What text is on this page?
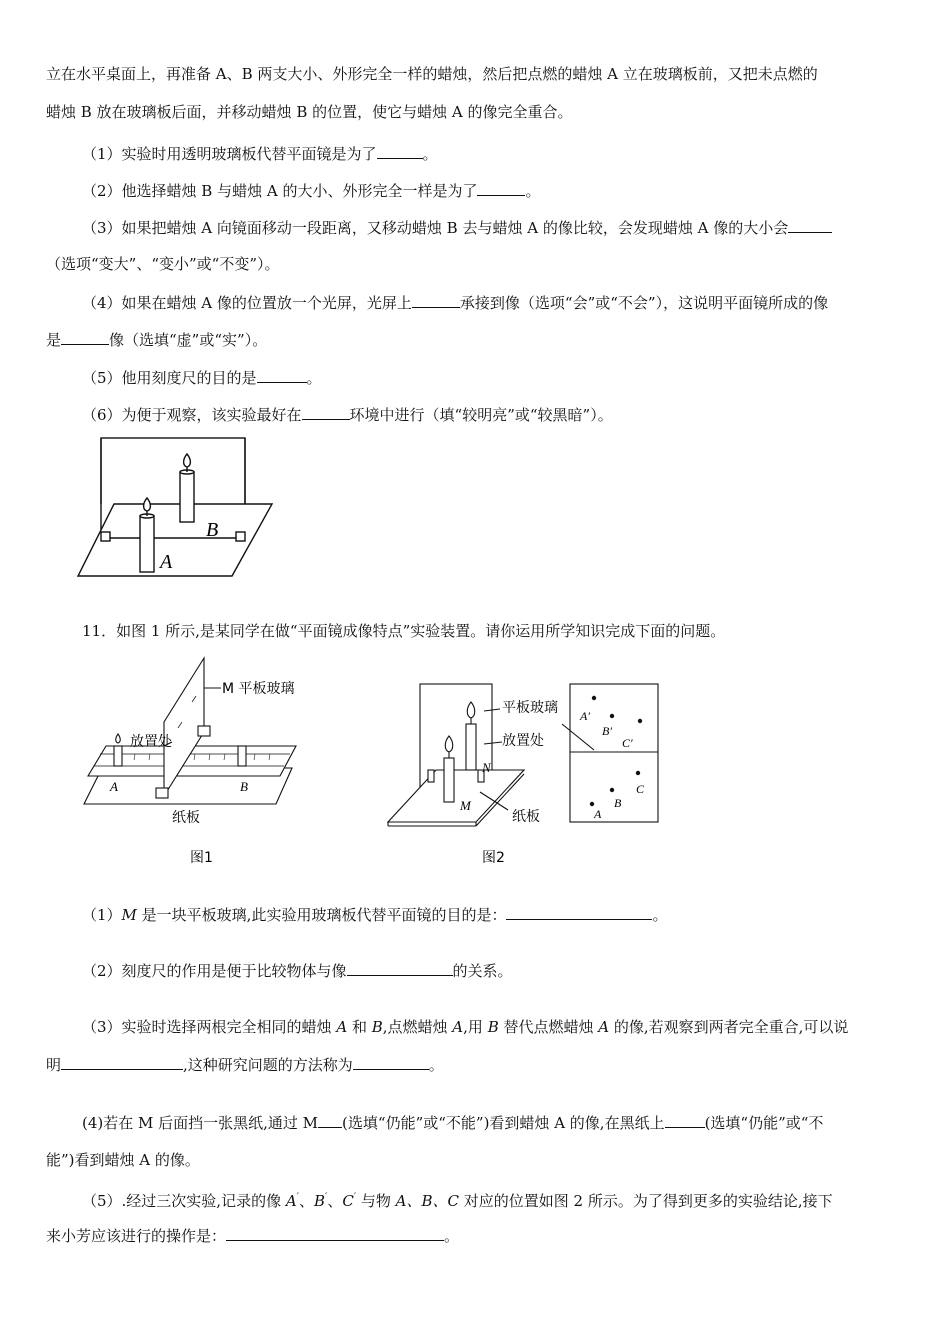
立在水平桌面上，再准备 A、B 两支大小、外形完全一样的蜡烛，然后把点燃的蜡烛 A 立在玻璃板前，又把未点燃的
蜡烛 B 放在玻璃板后面，并移动蜡烛 B 的位置，使它与蜡烛 A 的像完全重合。
（1）实验时用透明玻璃板代替平面镜是为了	。
（2）他选择蜡烛 B 与蜡烛 A 的大小、外形完全一样是为了	。
（3）如果把蜡烛 A 向镜面移动一段距离，又移动蜡烛 B 去与蜡烛 A 的像比较，会发现蜡烛 A 像的大小会
（选项“变大”、“变小”或“不变”）。
（4）如果在蜡烛 A 像的位置放一个光屏，光屏上	承接到像（选项“会”或“不会”），这说明平面镜所成的像
是	像（选填“虚”或“实”）。
（5）他用刻度尺的目的是	。
（6）为便于观察，该实验最好在	环境中进行（填“较明亮”或“较黑暗”）。
B
A
11．如图 1 所示,是某同学在做“平面镜成像特点”实验装置。请你运用所学知识完成下面的问题。
M 平板玻璃
放置处
A	B
纸板
图1
平板玻璃
放置处
N
M
纸板
A′
B′
C′
C
B
A
图2
（1）M 是一块平板玻璃,此实验用玻璃板代替平面镜的目的是：	。
（2）刻度尺的作用是便于比较物体与像	的关系。
（3）实验时选择两根完全相同的蜡烛 A 和 B,点燃蜡烛 A,用 B 替代点燃蜡烛 A 的像,若观察到两者完全重合,可以说
明	,这种研究问题的方法称为	。
(4)若在 M 后面挡一张黑纸,通过 M (选填“仍能”或“不能”)看到蜡烛 A 的像,在黑纸上	(选填“仍能”或“不
能”)看到蜡烛 A 的像。
（5）.经过三次实验,记录的像 A′、B′、C′ 与物 A、B、C 对应的位置如图 2 所示。为了得到更多的实验结论,接下
来小芳应该进行的操作是：	。
